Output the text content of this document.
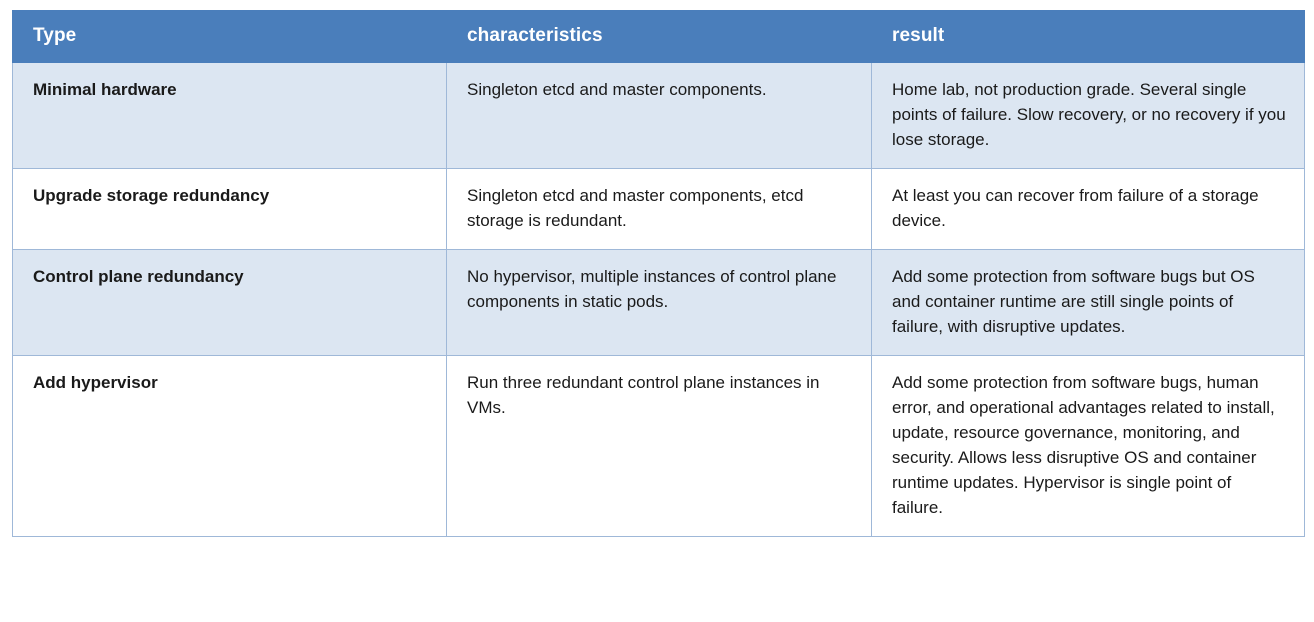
Type	characteristics	result
Minimal hardware	Singleton etcd and master components.	Home lab, not production grade. Several single points of failure. Slow recovery, or no recovery if you lose storage.
Upgrade storage redundancy	Singleton etcd and master components, etcd storage is redundant.	At least you can recover from failure of a storage device.
Control plane redundancy	No hypervisor, multiple instances of control plane components in static pods.	Add some protection from software bugs but OS and container runtime are still single points of failure, with disruptive updates.
Add hypervisor	Run three redundant control plane instances in VMs.	Add some protection from software bugs, human error, and operational advantages related to install, update, resource governance, monitoring, and security. Allows less disruptive OS and container runtime updates. Hypervisor is single point of failure.
